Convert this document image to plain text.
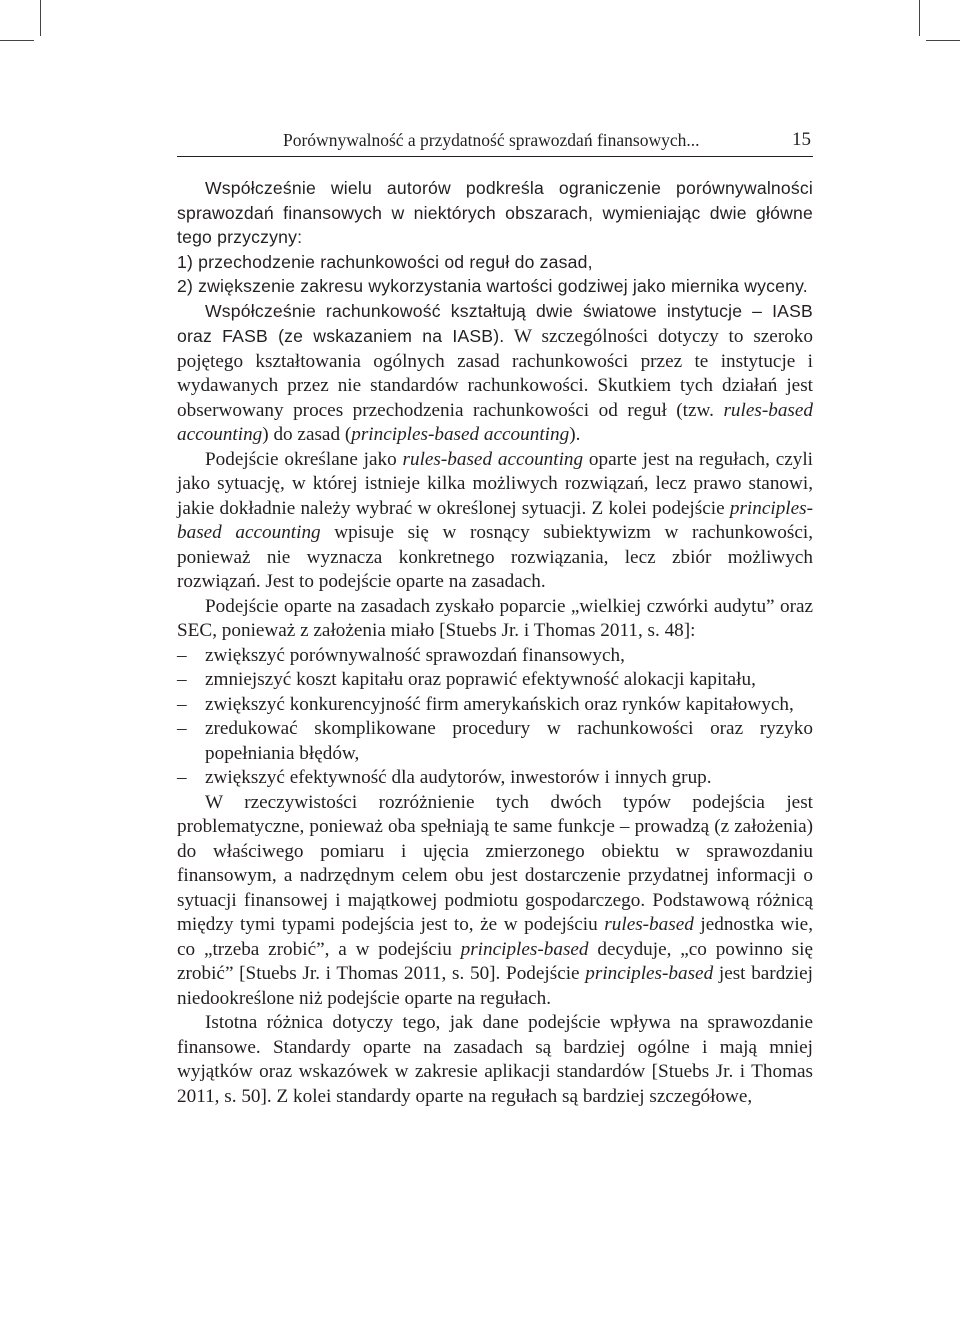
Porównywalność a przydatność sprawozdań finansowych...	15

Współcześnie wielu autorów podkreśla ograniczenie porównywalności sprawozdań finansowych w niektórych obszarach, wymieniając dwie główne tego przyczyny:

1) przechodzenie rachunkowości od reguł do zasad,
2) zwiększenie zakresu wykorzystania wartości godziwej jako miernika wyceny.

Współcześnie rachunkowość kształtują dwie światowe instytucje – IASB oraz FASB (ze wskazaniem na IASB). W szczególności dotyczy to szeroko pojętego kształtowania ogólnych zasad rachunkowości przez te instytucje i wydawanych przez nie standardów rachunkowości. Skutkiem tych działań jest obserwowany proces przechodzenia rachunkowości od reguł (tzw. rules-based accounting) do zasad (principles-based accounting).

Podejście określane jako rules-based accounting oparte jest na regułach, czyli jako sytuację, w której istnieje kilka możliwych rozwiązań, lecz prawo stanowi, jakie dokładnie należy wybrać w określonej sytuacji. Z kolei podejście principles-based accounting wpisuje się w rosnący subiektywizm w rachunkowości, ponieważ nie wyznacza konkretnego rozwiązania, lecz zbiór możliwych rozwiązań. Jest to podejście oparte na zasadach.

Podejście oparte na zasadach zyskało poparcie „wielkiej czwórki audytu” oraz SEC, ponieważ z założenia miało [Stuebs Jr. i Thomas 2011, s. 48]:

– zwiększyć porównywalność sprawozdań finansowych,
– zmniejszyć koszt kapitału oraz poprawić efektywność alokacji kapitału,
– zwiększyć konkurencyjność firm amerykańskich oraz rynków kapitałowych,
– zredukować skomplikowane procedury w rachunkowości oraz ryzyko popełniania błędów,
– zwiększyć efektywność dla audytorów, inwestorów i innych grup.

W rzeczywistości rozróżnienie tych dwóch typów podejścia jest problematyczne, ponieważ oba spełniają te same funkcje – prowadzą (z założenia) do właściwego pomiaru i ujęcia zmierzonego obiektu w sprawozdaniu finansowym, a nadrzędnym celem obu jest dostarczenie przydatnej informacji o sytuacji finansowej i majątkowej podmiotu gospodarczego. Podstawową różnicą między tymi typami podejścia jest to, że w podejściu rules-based jednostka wie, co „trzeba zrobić”, a w podejściu principles-based decyduje, „co powinno się zrobić” [Stuebs Jr. i Thomas 2011, s. 50]. Podejście principles-based jest bardziej niedookreślone niż podejście oparte na regułach.

Istotna różnica dotyczy tego, jak dane podejście wpływa na sprawozdanie finansowe. Standardy oparte na zasadach są bardziej ogólne i mają mniej wyjątków oraz wskazówek w zakresie aplikacji standardów [Stuebs Jr. i Thomas 2011, s. 50]. Z kolei standardy oparte na regułach są bardziej szczegółowe,
